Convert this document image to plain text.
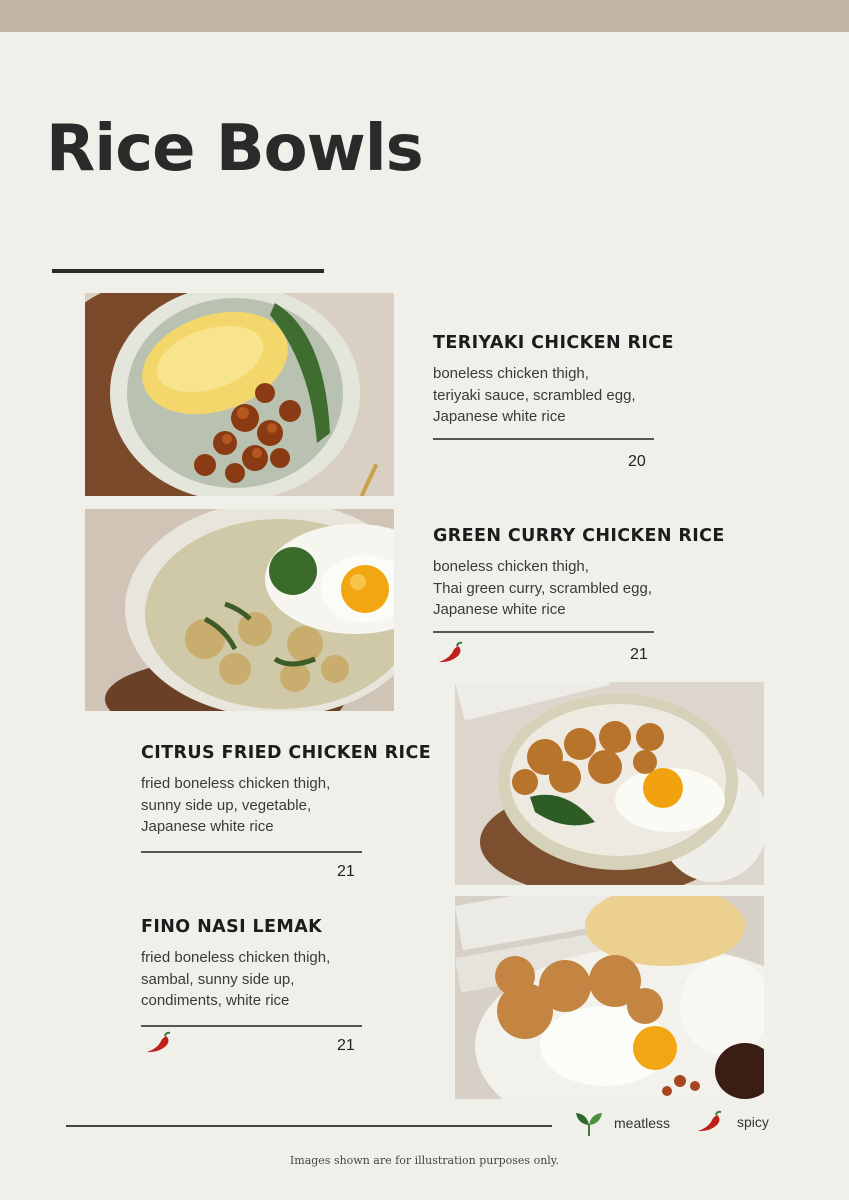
Rice Bowls
TERIYAKI CHICKEN RICE
boneless chicken thigh,
teriyaki sauce, scrambled egg,
Japanese white rice
20
GREEN CURRY CHICKEN RICE
boneless chicken thigh,
Thai green curry, scrambled egg,
Japanese white rice
21
CITRUS FRIED CHICKEN RICE
fried boneless chicken thigh,
sunny side up, vegetable,
Japanese white rice
21
FINO NASI LEMAK
fried boneless chicken thigh,
sambal, sunny side up,
condiments, white rice
21
meatless	spicy
Images shown are for illustration purposes only.
